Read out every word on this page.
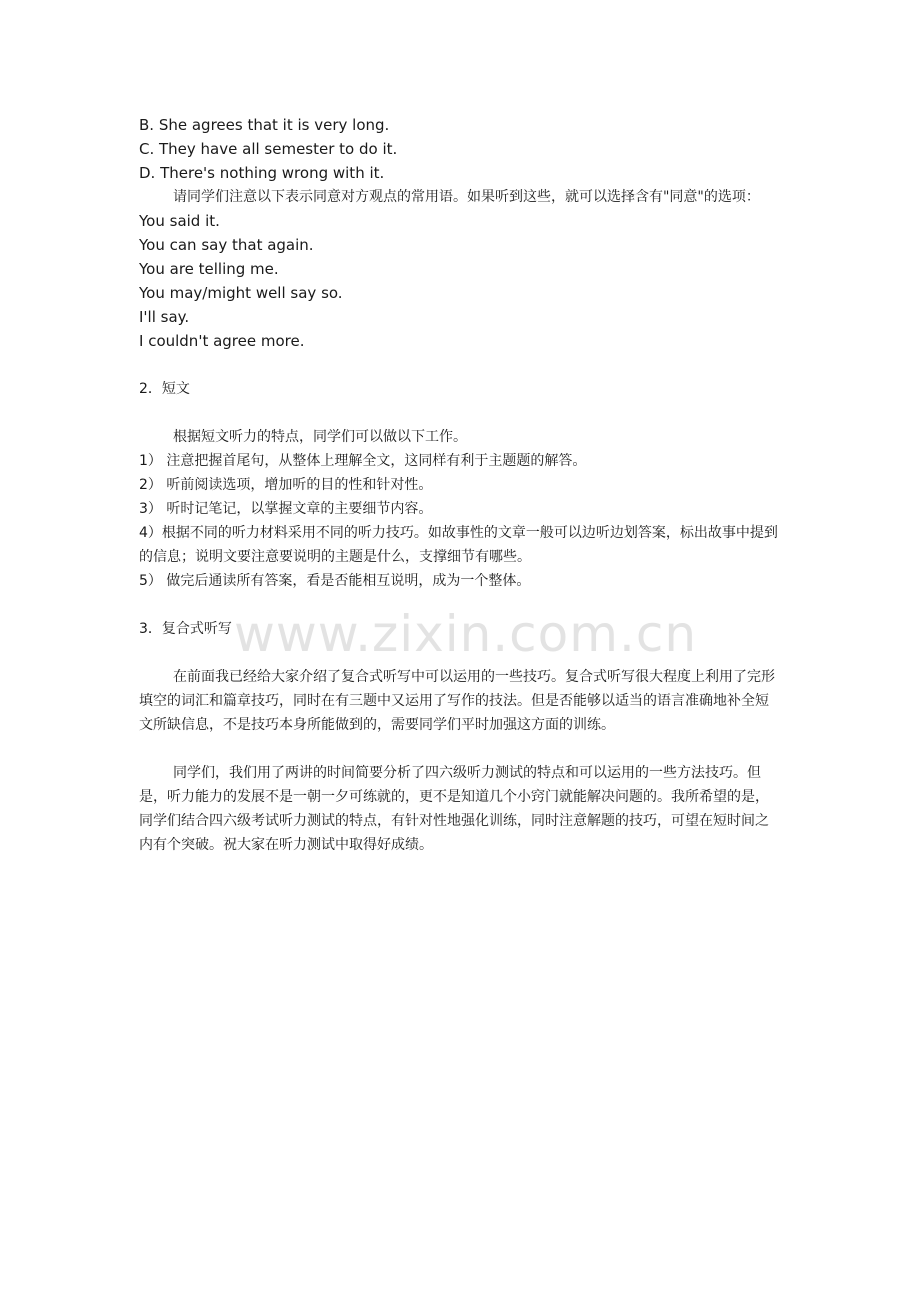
B. She agrees that it is very long.
C. They have all semester to do it.
D. There's nothing wrong with it.
请同学们注意以下表示同意对方观点的常用语。如果听到这些，就可以选择含有"同意"的选项：
You said it.
You can say that again.
You are telling me.
You may/might well say so.
I'll say.
I couldn't agree more.
2．短文
根据短文听力的特点，同学们可以做以下工作。
1） 注意把握首尾句，从整体上理解全文，这同样有利于主题题的解答。
2） 听前阅读选项，增加听的目的性和针对性。
3） 听时记笔记，以掌握文章的主要细节内容。
4）根据不同的听力材料采用不同的听力技巧。如故事性的文章一般可以边听边划答案，标出故事中提到的信息；说明文要注意要说明的主题是什么，支撑细节有哪些。
5） 做完后通读所有答案，看是否能相互说明，成为一个整体。
3．复合式听写
在前面我已经给大家介绍了复合式听写中可以运用的一些技巧。复合式听写很大程度上利用了完形填空的词汇和篇章技巧，同时在有三题中又运用了写作的技法。但是否能够以适当的语言准确地补全短文所缺信息，不是技巧本身所能做到的，需要同学们平时加强这方面的训练。
同学们，我们用了两讲的时间简要分析了四六级听力测试的特点和可以运用的一些方法技巧。但是，听力能力的发展不是一朝一夕可练就的，更不是知道几个小窍门就能解决问题的。我所希望的是，同学们结合四六级考试听力测试的特点，有针对性地强化训练，同时注意解题的技巧，可望在短时间之内有个突破。祝大家在听力测试中取得好成绩。
www.zixin.com.cn
